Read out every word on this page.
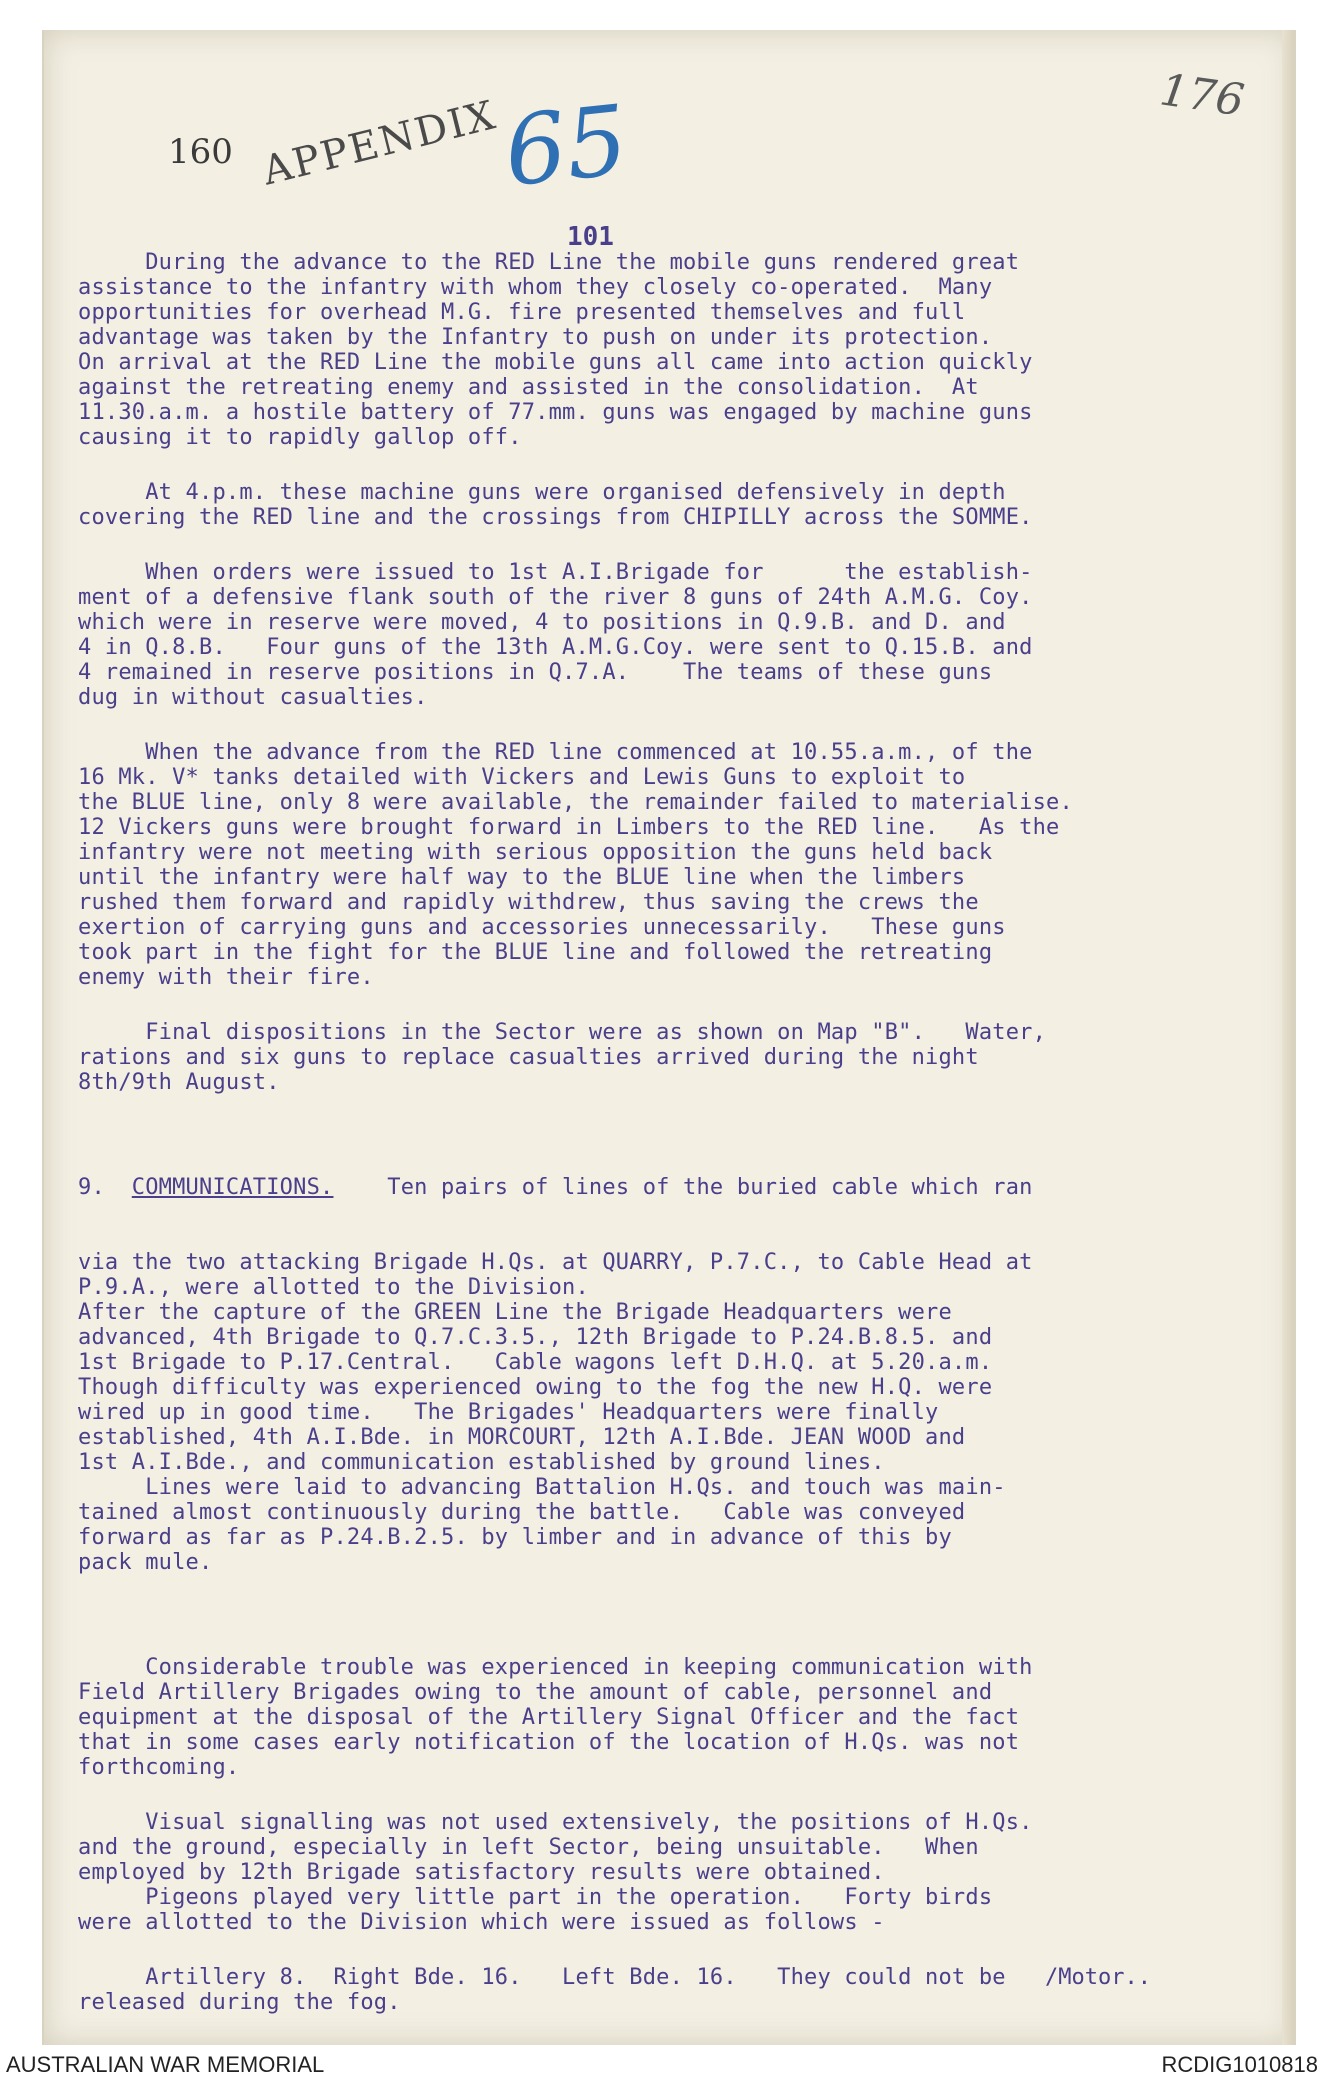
160
176
APPENDIX
65
101
During the advance to the RED Line the mobile guns rendered great
assistance to the infantry with whom they closely co-operated.  Many
opportunities for overhead M.G. fire presented themselves and full
advantage was taken by the Infantry to push on under its protection.
On arrival at the RED Line the mobile guns all came into action quickly
against the retreating enemy and assisted in the consolidation.  At
11.30.a.m. a hostile battery of 77.mm. guns was engaged by machine guns
causing it to rapidly gallop off.
At 4.p.m. these machine guns were organised defensively in depth
covering the RED line and the crossings from CHIPILLY across the SOMME.
When orders were issued to 1st A.I.Brigade for      the establish-
ment of a defensive flank south of the river 8 guns of 24th A.M.G. Coy.
which were in reserve were moved, 4 to positions in Q.9.B. and D. and
4 in Q.8.B.   Four guns of the 13th A.M.G.Coy. were sent to Q.15.B. and
4 remained in reserve positions in Q.7.A.    The teams of these guns
dug in without casualties.
When the advance from the RED line commenced at 10.55.a.m., of the
16 Mk. V* tanks detailed with Vickers and Lewis Guns to exploit to
the BLUE line, only 8 were available, the remainder failed to materialise.
12 Vickers guns were brought forward in Limbers to the RED line.   As the
infantry were not meeting with serious opposition the guns held back
until the infantry were half way to the BLUE line when the limbers
rushed them forward and rapidly withdrew, thus saving the crews the
exertion of carrying guns and accessories unnecessarily.   These guns
took part in the fight for the BLUE line and followed the retreating
enemy with their fire.
Final dispositions in the Sector were as shown on Map "B".   Water,
rations and six guns to replace casualties arrived during the night
8th/9th August.

9. COMMUNICATIONS.    Ten pairs of lines of the buried cable which ran

via the two attacking Brigade H.Qs. at QUARRY, P.7.C., to Cable Head at
P.9.A., were allotted to the Division.
After the capture of the GREEN Line the Brigade Headquarters were
advanced, 4th Brigade to Q.7.C.3.5., 12th Brigade to P.24.B.8.5. and
1st Brigade to P.17.Central.   Cable wagons left D.H.Q. at 5.20.a.m.
Though difficulty was experienced owing to the fog the new H.Q. were
wired up in good time.   The Brigades' Headquarters were finally
established, 4th A.I.Bde. in MORCOURT, 12th A.I.Bde. JEAN WOOD and
1st A.I.Bde., and communication established by ground lines.
Lines were laid to advancing Battalion H.Qs. and touch was main-
tained almost continuously during the battle.   Cable was conveyed
forward as far as P.24.B.2.5. by limber and in advance of this by
pack mule.

Considerable trouble was experienced in keeping communication with
Field Artillery Brigades owing to the amount of cable, personnel and
equipment at the disposal of the Artillery Signal Officer and the fact
that in some cases early notification of the location of H.Qs. was not
forthcoming.
Visual signalling was not used extensively, the positions of H.Qs.
and the ground, especially in left Sector, being unsuitable.   When
employed by 12th Brigade satisfactory results were obtained.
Pigeons played very little part in the operation.   Forty birds
were allotted to the Division which were issued as follows -
Artillery 8.  Right Bde. 16.   Left Bde. 16.   They could not be
released during the fog.
/Motor..
AUSTRALIAN WAR MEMORIAL	RCDIG1010818
